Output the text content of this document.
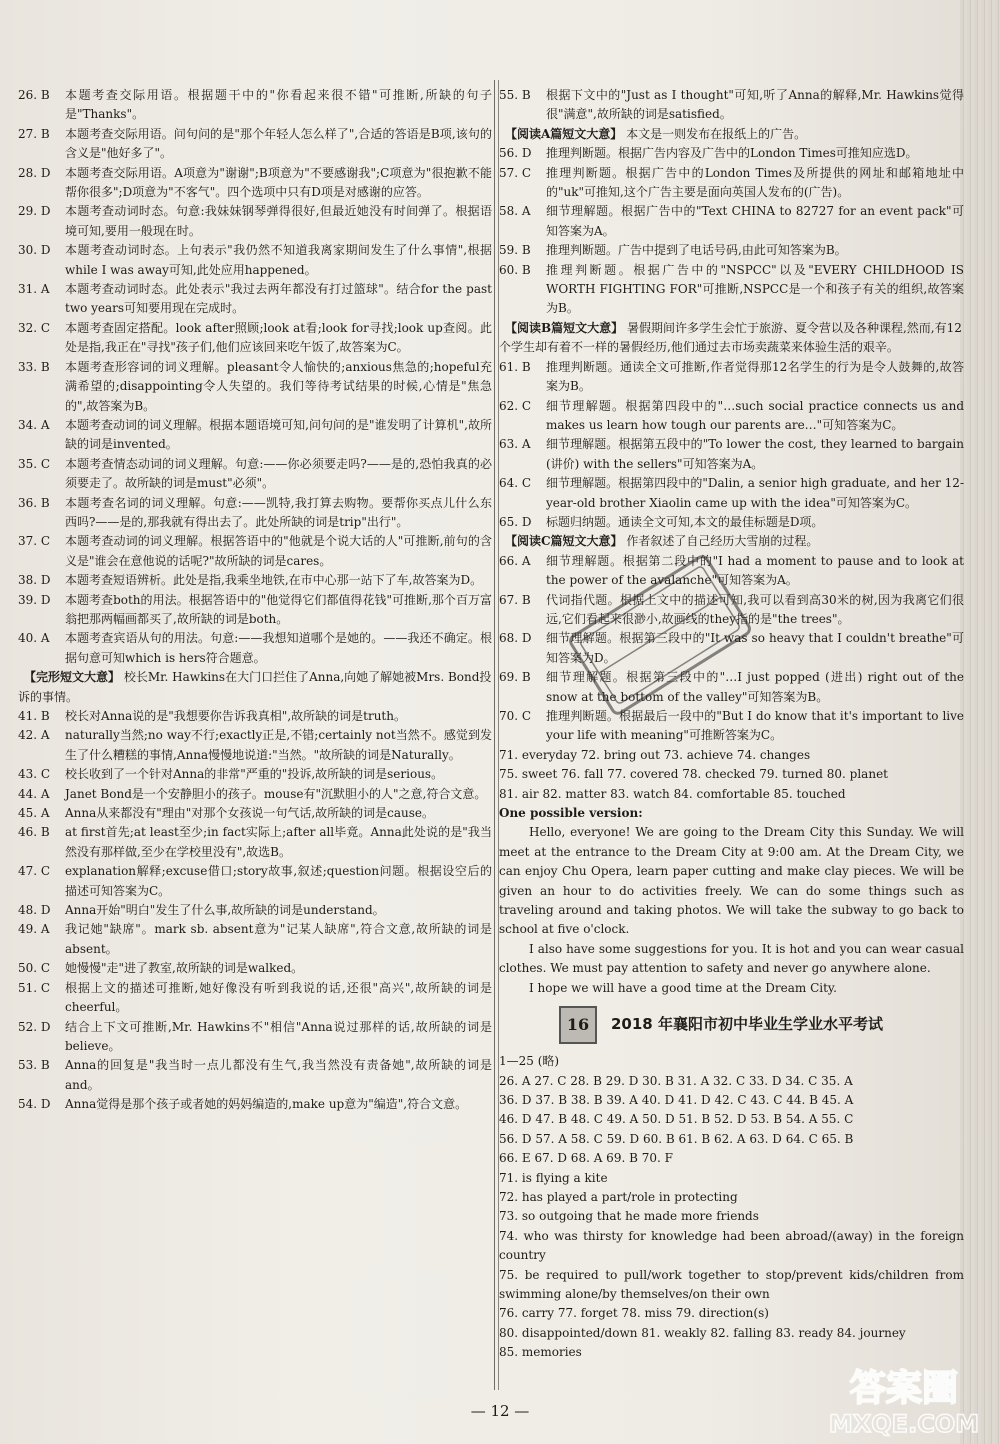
26. B	本题考查交际用语。根据题干中的"你看起来很不错"可推断,所缺的句子是"Thanks"。
27. B	本题考查交际用语。问句问的是"那个年轻人怎么样了",合适的答语是B项,该句的含义是"他好多了"。
28. D	本题考查交际用语。A项意为"谢谢";B项意为"不要感谢我";C项意为"很抱歉不能帮你很多";D项意为"不客气"。四个选项中只有D项是对感谢的应答。
29. D	本题考查动词时态。句意:我妹妹钢琴弹得很好,但最近她没有时间弹了。根据语境可知,要用一般现在时。
30. D	本题考查动词时态。上句表示"我仍然不知道我离家期间发生了什么事情",根据while I was away可知,此处应用happened。
31. A	本题考查动词时态。此处表示"我过去两年都没有打过篮球"。结合for the past two years可知要用现在完成时。
32. C	本题考查固定搭配。look after照顾;look at看;look for寻找;look up查阅。此处是指,我正在"寻找"孩子们,他们应该回来吃午饭了,故答案为C。
33. B	本题考查形容词的词义理解。pleasant令人愉快的;anxious焦急的;hopeful充满希望的;disappointing令人失望的。我们等待考试结果的时候,心情是"焦急的",故答案为B。
34. A	本题考查动词的词义理解。根据本题语境可知,问句问的是"谁发明了计算机",故所缺的词是invented。
35. C	本题考查情态动词的词义理解。句意:——你必须要走吗?——是的,恐怕我真的必须要走了。故所缺的词是must"必须"。
36. B	本题考查名词的词义理解。句意:——凯特,我打算去购物。要帮你买点儿什么东西吗?——是的,那我就有得出去了。此处所缺的词是trip"出行"。
37. C	本题考查动词的词义理解。根据答语中的"他就是个说大话的人"可推断,前句的含义是"谁会在意他说的话呢?"故所缺的词是cares。
38. D	本题考查短语辨析。此处是指,我乘坐地铁,在市中心那一站下了车,故答案为D。
39. D	本题考查both的用法。根据答语中的"他觉得它们都值得花钱"可推断,那个百万富翁把那两幅画都买了,故所缺的词是both。
40. A	本题考查宾语从句的用法。句意:——我想知道哪个是她的。——我还不确定。根据句意可知which is hers符合题意。
【完形短文大意】 校长Mr. Hawkins在大门口拦住了Anna,向她了解她被Mrs. Bond投诉的事情。
41. B	校长对Anna说的是"我想要你告诉我真相",故所缺的词是truth。
42. A	naturally当然;no way不行;exactly正是,不错;certainly not当然不。感觉到发生了什么糟糕的事情,Anna慢慢地说道:"当然。"故所缺的词是Naturally。
43. C	校长收到了一个针对Anna的非常"严重的"投诉,故所缺的词是serious。
44. A	Janet Bond是一个安静胆小的孩子。mouse有"沉默胆小的人"之意,符合文意。
45. A	Anna从来都没有"理由"对那个女孩说一句气话,故所缺的词是cause。
46. B	at first首先;at least至少;in fact实际上;after all毕竟。Anna此处说的是"我当然没有那样做,至少在学校里没有",故选B。
47. C	explanation解释;excuse借口;story故事,叙述;question问题。根据设空后的描述可知答案为C。
48. D	Anna开始"明白"发生了什么事,故所缺的词是understand。
49. A	我记她"缺席"。mark sb. absent意为"记某人缺席",符合文意,故所缺的词是absent。
50. C	她慢慢"走"进了教室,故所缺的词是walked。
51. C	根据上文的描述可推断,她好像没有听到我说的话,还很"高兴",故所缺的词是cheerful。
52. D	结合上下文可推断,Mr. Hawkins不"相信"Anna说过那样的话,故所缺的词是believe。
53. B	Anna的回复是"我当时一点儿都没有生气,我当然没有责备她",故所缺的词是and。
54. D	Anna觉得是那个孩子或者她的妈妈编造的,make up意为"编造",符合文意。
55. B	根据下文中的"Just as I thought"可知,听了Anna的解释,Mr. Hawkins觉得很"满意",故所缺的词是satisfied。
【阅读A篇短文大意】 本文是一则发布在报纸上的广告。
56. D	推理判断题。根据广告内容及广告中的London Times可推知应选D。
57. C	推理判断题。根据广告中的London Times及所提供的网址和邮箱地址中的"uk"可推知,这个广告主要是面向英国人发布的(广告)。
58. A	细节理解题。根据广告中的"Text CHINA to 82727 for an event pack"可知答案为A。
59. B	推理判断题。广告中提到了电话号码,由此可知答案为B。
60. B	推理判断题。根据广告中的"NSPCC"以及"EVERY CHILDHOOD IS WORTH FIGHTING FOR"可推断,NSPCC是一个和孩子有关的组织,故答案为B。
【阅读B篇短文大意】 暑假期间许多学生会忙于旅游、夏令营以及各种课程,然而,有12个学生却有着不一样的暑假经历,他们通过去市场卖蔬菜来体验生活的艰辛。
61. B	推理判断题。通读全文可推断,作者觉得那12名学生的行为是令人鼓舞的,故答案为B。
62. C	细节理解题。根据第四段中的"…such social practice connects us and makes us learn how tough our parents are…"可知答案为C。
63. A	细节理解题。根据第五段中的"To lower the cost, they learned to bargain (讲价) with the sellers"可知答案为A。
64. C	细节理解题。根据第四段中的"Dalin, a senior high graduate, and her 12-year-old brother Xiaolin came up with the idea"可知答案为C。
65. D	标题归纳题。通读全文可知,本文的最佳标题是D项。
【阅读C篇短文大意】 作者叙述了自己经历大雪崩的过程。
66. A	细节理解题。根据第二段中的"I had a moment to pause and to look at the power of the avalanche"可知答案为A。
67. B	代词指代题。根据上文中的描述可知,我可以看到高30米的树,因为我离它们很远,它们看起来很渺小,故画线的they指的是"the trees"。
68. D	细节理解题。根据第三段中的"It was so heavy that I couldn't breathe"可知答案为D。
69. B	细节理解题。根据第三段中的"…I just popped (进出) right out of the snow at the bottom of the valley"可知答案为B。
70. C	推理判断题。根据最后一段中的"But I do know that it's important to live your life with meaning"可推断答案为C。
71. everyday 72. bring out 73. achieve 74. changes
75. sweet 76. fall 77. covered 78. checked 79. turned 80. planet
81. air 82. matter 83. watch 84. comfortable 85. touched
One possible version:

Hello, everyone! We are going to the Dream City this Sunday. We will meet at the entrance to the Dream City at 9:00 am. At the Dream City, we can enjoy Chu Opera, learn paper cutting and make clay pieces. We will be given an hour to do activities freely. We can do some things such as traveling around and taking photos. We will take the subway to go back to school at five o'clock.

I also have some suggestions for you. It is hot and you can wear casual clothes. We must pay attention to safety and never go anywhere alone.

I hope we will have a good time at the Dream City.

16	2018 年襄阳市初中毕业生学业水平考试
1—25 (略)
26. A 27. C 28. B 29. D 30. B 31. A 32. C 33. D 34. C 35. A
36. D 37. B 38. B 39. A 40. D 41. D 42. C 43. C 44. B 45. A
46. D 47. B 48. C 49. A 50. D 51. B 52. D 53. B 54. A 55. C
56. D 57. A 58. C 59. D 60. B 61. B 62. A 63. D 64. C 65. B
66. E 67. D 68. A 69. B 70. F
71. is flying a kite
72. has played a part/role in protecting
73. so outgoing that he made more friends
74. who was thirsty for knowledge had been abroad/(away) in the foreign country
75. be required to pull/work together to stop/prevent kids/children from swimming alone/by themselves/on their own
76. carry 77. forget 78. miss 79. direction(s)
80. disappointed/down 81. weakly 82. falling 83. ready 84. journey
85. memories
— 12 —
答案圈
MXQE.COM
